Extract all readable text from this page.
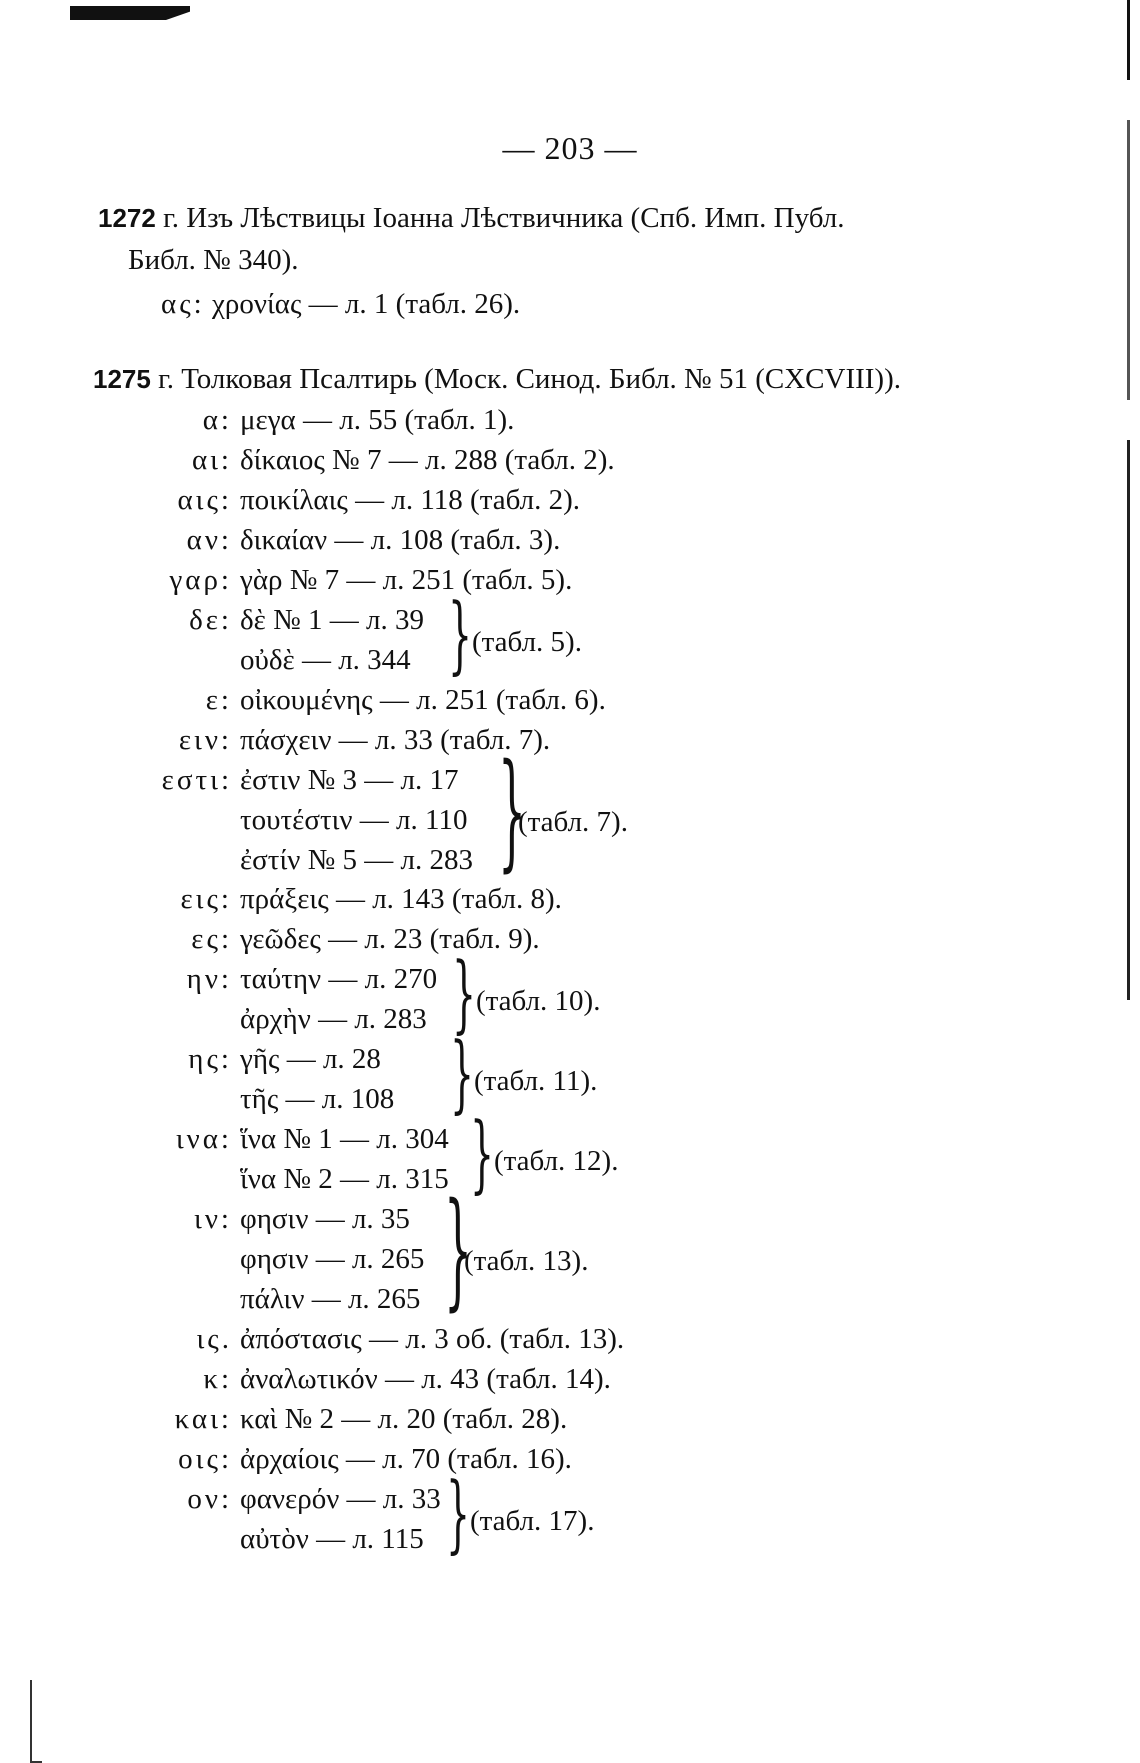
— 203 —
1272 г. Изъ Лѣствицы Іоанна Лѣствичника (Спб. Имп. Публ.
Библ. № 340).
ας: χρονίας — л. 1 (табл. 26).
1275 г. Толковая Псалтирь (Моск. Синод. Библ. № 51 (CXCVIII)).
α: μεγα — л. 55 (табл. 1).
αι: δίκαιος № 7 — л. 288 (табл. 2).
αις: ποικίλαις — л. 118 (табл. 2).
αν: δικαίαν — л. 108 (табл. 3).
γαρ: γὰρ № 7 — л. 251 (табл. 5).
δε: δὲ № 1 — л. 39
οὐδὲ — л. 344
ε: οἰκουμένης — л. 251 (табл. 6).
ειν: πάσχειν — л. 33 (табл. 7).
εστι: ἐστιν № 3 — л. 17
τουτέστιν — л. 110
ἐστίν № 5 — л. 283
εις: πράξεις — л. 143 (табл. 8).
ες: γεῶδες — л. 23 (табл. 9).
ην: ταύτην — л. 270
ἀρχὴν — л. 283
ης: γῆς — л. 28
τῆς — л. 108
ινα: ἵνα № 1 — л. 304
ἵνα № 2 — л. 315
ιν: φησιν — л. 35
φησιν — л. 265
πάλιν — л. 265
ις. ἀπόστασις — л. 3 об. (табл. 13).
κ: ἀναλωτικόν — л. 43 (табл. 14).
και: καὶ № 2 — л. 20 (табл. 28).
οις: ἀρχαίοις — л. 70 (табл. 16).
ον: φανερόν — л. 33
αὐτὸν — л. 115
} (табл. 5).
}
(табл. 7).
} (табл. 10).
} (табл. 11).
} (табл. 12).
}
(табл. 13).
} (табл. 17).
